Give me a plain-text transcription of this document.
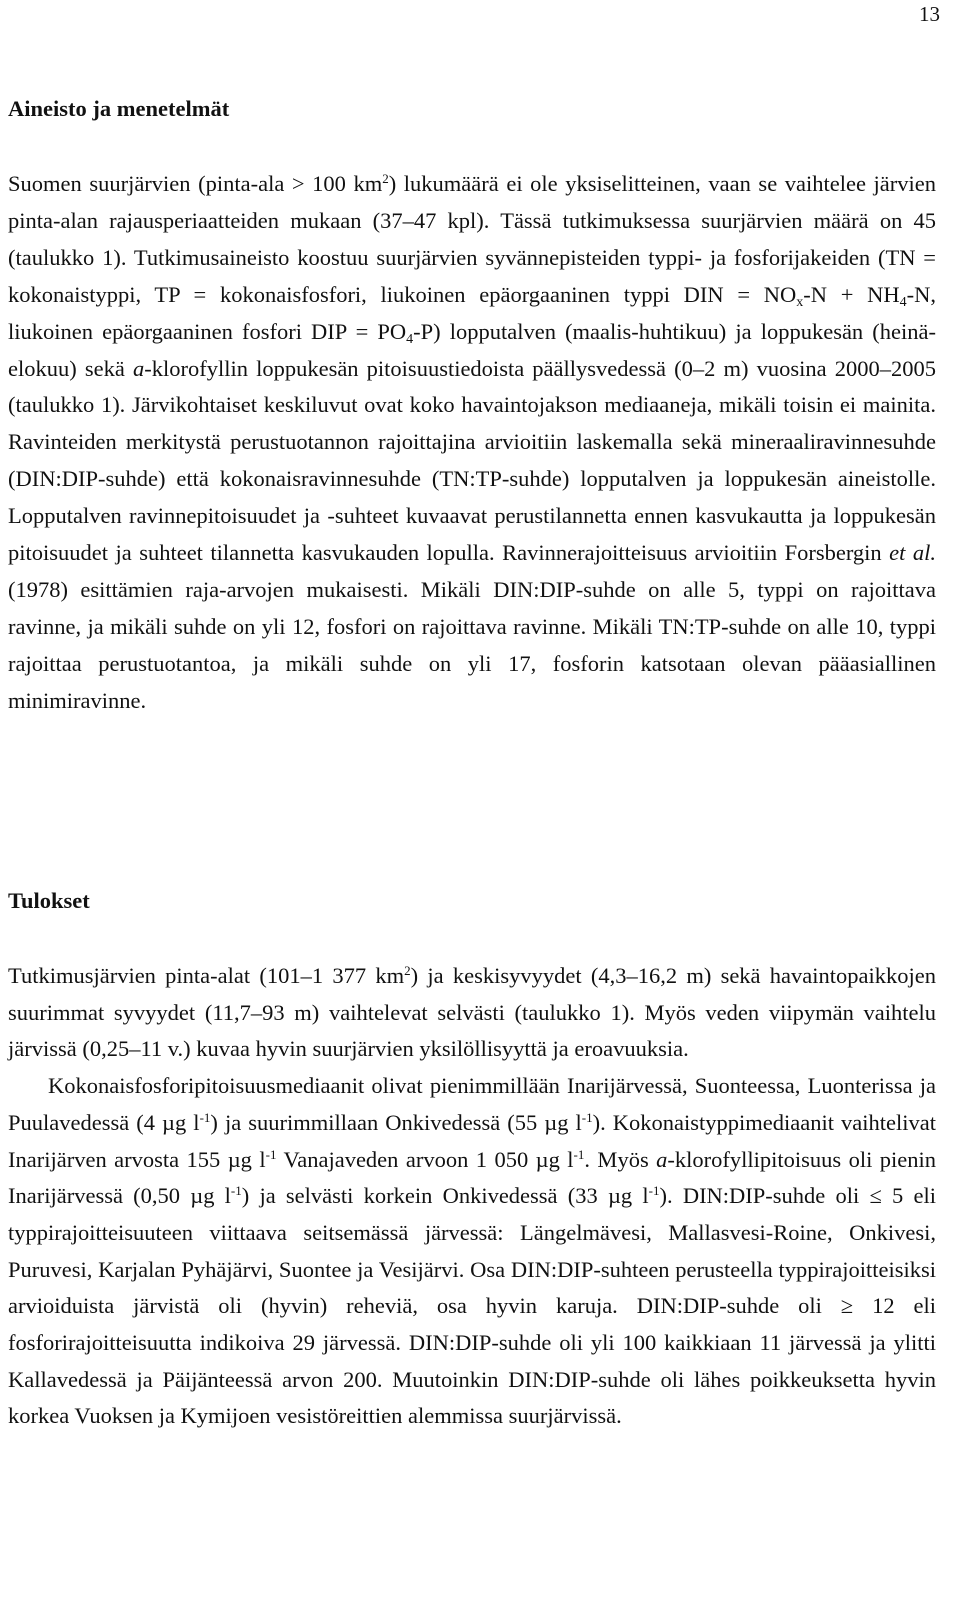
13
Aineisto ja menetelmät

Suomen suurjärvien (pinta-ala > 100 $km^2$) lukumäärä ei ole yksiselitteinen, vaan se vaihtelee järvien pinta-alan rajausperiaatteiden mukaan (37–47 kpl). Tässä tutkimuksessa suurjärvien määrä on 45 (taulukko 1). Tutkimusaineisto koostuu suurjärvien syvännepisteiden typpi- ja fosforijakeiden (TN = kokonaistyppi, TP = kokonaisfosfori, liukoinen epäorgaaninen typpi DIN = $NO_x-N + NH_4-N$, liukoinen epäorgaaninen fosfori DIP = $PO_4-P$) lopputalven (maalis-huhtikuu) ja loppukesän (heinä-elokuu) sekä a-klorofyllin loppukesän pitoisuustiedoista päällysvedessä (0–2 m) vuosina 2000–2005 (taulukko 1). Järvikohtaiset keskiluvut ovat koko havaintojakson mediaaneja, mikäli toisin ei mainita. Ravinteiden merkitystä perustuotannon rajoittajina arvioitiin laskemalla sekä mineraaliravinnesuhde (DIN:DIP-suhde) että kokonaisravinnesuhde (TN:TP-suhde) lopputalven ja loppukesän aineistolle. Lopputalven ravinnepitoisuudet ja -suhteet kuvaavat perustilannetta ennen kasvukautta ja loppukesän pitoisuudet ja suhteet tilannetta kasvukauden lopulla. Ravinnerajoitteisuus arvioitiin Forsbergin et al. (1978) esittämien raja-arvojen mukaisesti. Mikäli DIN:DIP-suhde on alle 5, typpi on rajoittava ravinne, ja mikäli suhde on yli 12, fosfori on rajoittava ravinne. Mikäli TN:TP-suhde on alle 10, typpi rajoittaa perustuotantoa, ja mikäli suhde on yli 17, fosforin katsotaan olevan pääasiallinen minimiravinne.

Tulokset

Tutkimusjärvien pinta-alat (101–1 377 $km^2$) ja keskisyvyydet (4,3–16,2 m) sekä havaintopaikkojen suurimmat syvyydet (11,7–93 m) vaihtelevat selvästi (taulukko 1). Myös veden viipymän vaihtelu järvissä (0,25–11 v.) kuvaa hyvin suurjärvien yksilöllisyyttä ja eroavuuksia.
Kokonaisfosforipitoisuusmediaanit olivat pienimmillään Inarijärvessä, Suonteessa, Luonterissa ja Puulavedessä (4 µg $l^{-1}$) ja suurimmillaan Onkivedessä (55 µg $l^{-1}$). Kokonaistyppimediaanit vaihtelivat Inarijärven arvosta 155 µg $l^{-1}$ Vanajaveden arvoon 1 050 µg $l^{-1}$. Myös a-klorofyllipitoisuus oli pienin Inarijärvessä (0,50 µg $l^{-1}$) ja selvästi korkein Onkivedessä (33 µg $l^{-1}$). DIN:DIP-suhde oli ≤ 5 eli typpirajoitteisuuteen viittaava seitsemässä järvessä: Längelmävesi, Mallasvesi-Roine, Onkivesi, Puruvesi, Karjalan Pyhäjärvi, Suontee ja Vesijärvi. Osa DIN:DIP-suhteen perusteella typpirajoitteisiksi arvioiduista järvistä oli (hyvin) reheviä, osa hyvin karuja. DIN:DIP-suhde oli ≥ 12 eli fosforirajoitteisuutta indikoiva 29 järvessä. DIN:DIP-suhde oli yli 100 kaikkiaan 11 järvessä ja ylitti Kallavedessä ja Päijänteessä arvon 200. Muutoinkin DIN:DIP-suhde oli lähes poikkeuksetta hyvin korkea Vuoksen ja Kymijoen vesistöreittien alemmissa suurjärvissä.
